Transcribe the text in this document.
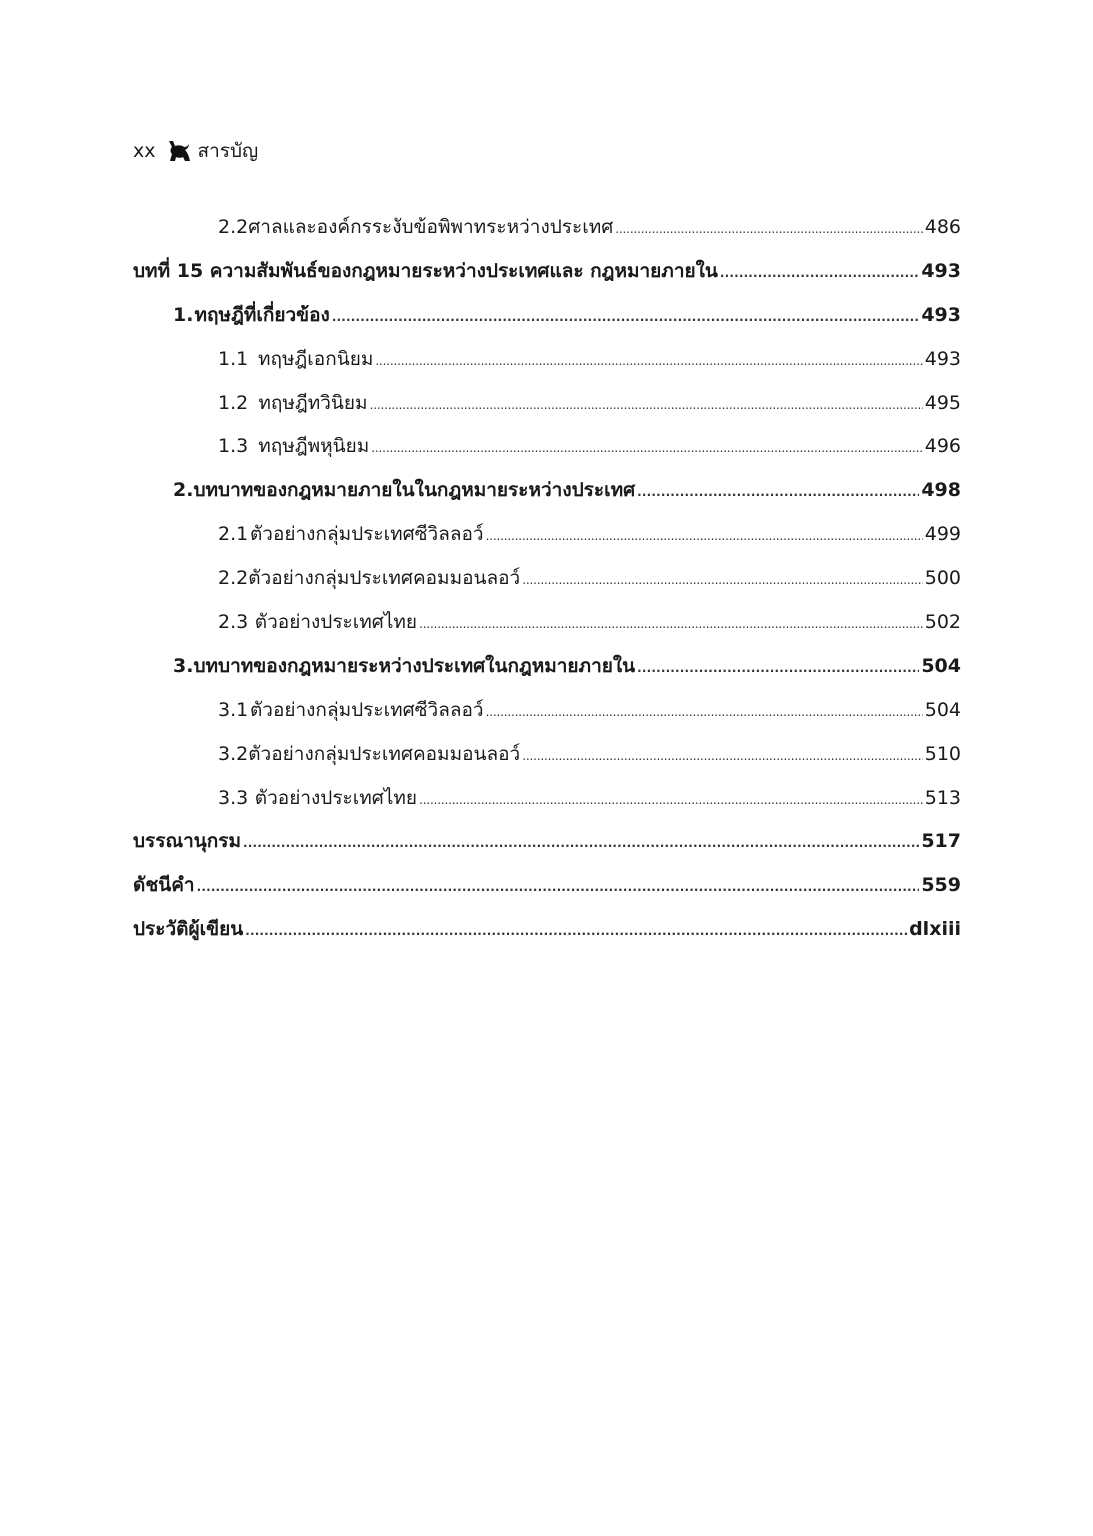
xx สารบัญ
2.2 ศาลและองค์กรระงับข้อพิพาทระหว่างประเทศ . . .	486
บทที่ 15 ความสัมพันธ์ของกฎหมายระหว่างประเทศและ กฎหมายภายใน . . .	493
1. ทฤษฎีที่เกี่ยวข้อง . . .	493
1.1 ทฤษฎีเอกนิยม . . .	493
1.2 ทฤษฎีทวินิยม . . .	495
1.3 ทฤษฎีพหุนิยม . . .	496
2. บทบาทของกฎหมายภายในในกฎหมายระหว่างประเทศ . . .	498
2.1 ตัวอย่างกลุ่มประเทศซีวิลลอว์ . . .	499
2.2 ตัวอย่างกลุ่มประเทศคอมมอนลอว์ . . .	500
2.3 ตัวอย่างประเทศไทย . . .	502
3. บทบาทของกฎหมายระหว่างประเทศในกฎหมายภายใน . . .	504
3.1 ตัวอย่างกลุ่มประเทศซีวิลลอว์ . . .	504
3.2 ตัวอย่างกลุ่มประเทศคอมมอนลอว์ . . .	510
3.3 ตัวอย่างประเทศไทย . . .	513
บรรณานุกรม . . .	517
ดัชนีคำ . . .	559
ประวัติผู้เขียน . . .	dlxiii
